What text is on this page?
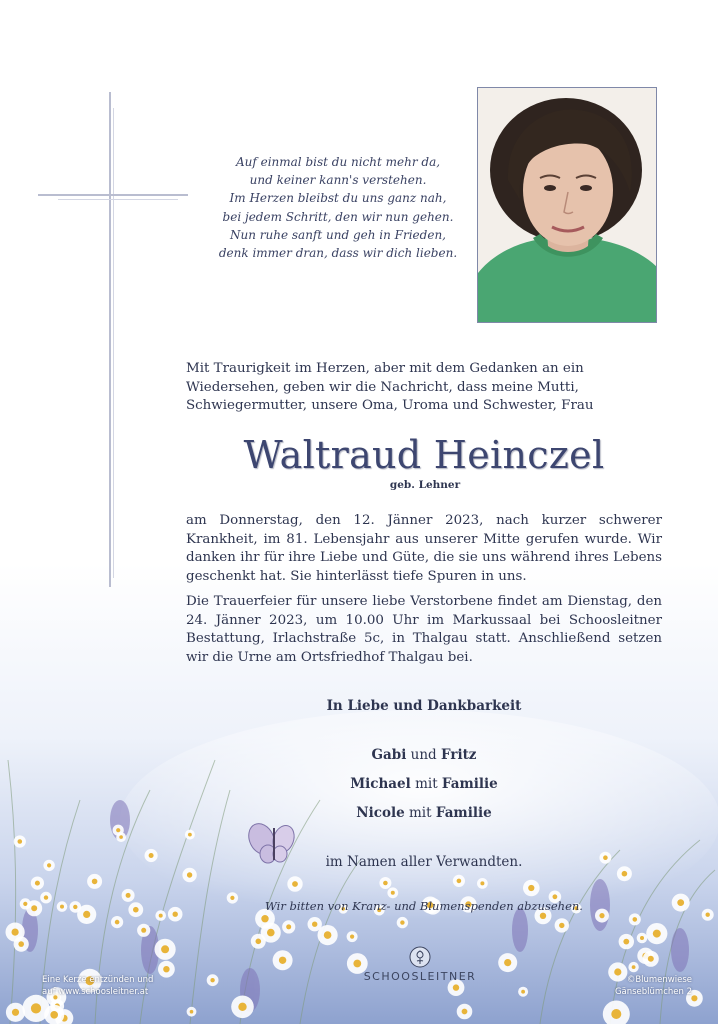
Auf einmal bist du nicht mehr da,
und keiner kann's verstehen.
Im Herzen bleibst du uns ganz nah,
bei jedem Schritt, den wir nun gehen.
Nun ruhe sanft und geh in Frieden,
denk immer dran, dass wir dich lieben.

Mit Traurigkeit im Herzen, aber mit dem Gedanken an ein Wiedersehen, geben wir die Nachricht, dass meine Mutti, Schwiegermutter, unsere Oma, Uroma und Schwester, Frau

Waltraud Heinczel
geb. Lehner

am Donnerstag, den 12. Jänner 2023, nach kurzer schwerer Krankheit, im 81. Lebensjahr aus unserer Mitte gerufen wurde. Wir danken ihr für ihre Liebe und Güte, die sie uns während ihres Lebens geschenkt hat. Sie hinterlässt tiefe Spuren in uns.

Die Trauerfeier für unsere liebe Verstorbene findet am Dienstag, den 24. Jänner 2023, um 10.00 Uhr im Markussaal bei Schoosleitner Bestattung, Irlachstraße 5c, in Thalgau statt. Anschließend setzen wir die Urne am Ortsfriedhof Thalgau bei.

In Liebe und Dankbarkeit
Gabi und Fritz
Michael mit Familie
Nicole mit Familie
im Namen aller Verwandten.
Wir bitten von Kranz- und Blumenspenden abzusehen.
Eine Kerze entzünden und
auf www.schoosleitner.at
SCHOOSLEITNER	©Blumenwiese
Gänseblümchen 2
